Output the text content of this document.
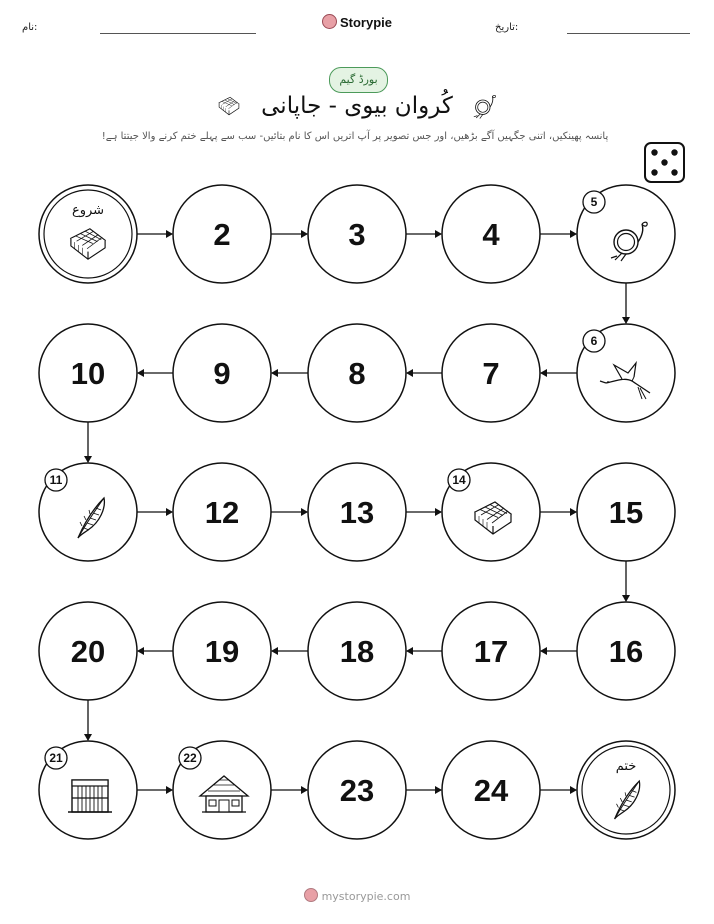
نام:	Storypie	تاریخ:
بورڈ گیم
کُروان بیوی - جاپانی
پانسہ پھینکیں، اتنی جگہیں آگے بڑھیں، اور جس تصویر پر آپ اتریں اس کا نام بتائیں- سب سے پہلے ختم کرنے والا جیتتا ہے!
شروع
2	3	4
5
6
7
8
9
10
11
12	13
14
15
16
17
18
19
20
21	22
23	24
ختم
mystorypie.com
